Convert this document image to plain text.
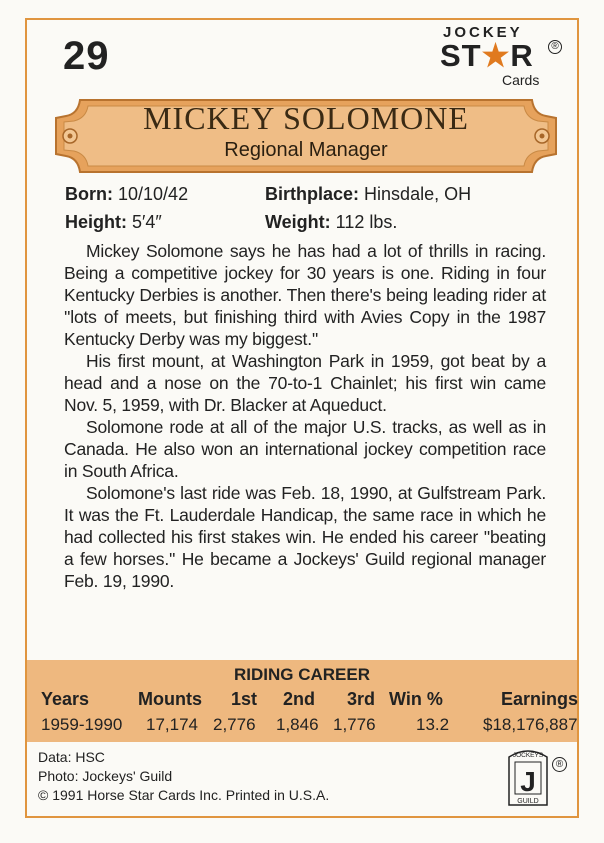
29
JOCKEY
ST★R	®
Cards
MICKEY SOLOMONE
Regional Manager
Born: 10/10/42	Birthplace: Hinsdale, OH
Height: 5′4″	Weight: 112 lbs.

Mickey Solomone says he has had a lot of thrills in racing. Being a competitive jockey for 30 years is one. Riding in four Kentucky Derbies is another. Then there's being leading rider at ''lots of meets, but finishing third with Avies Copy in the 1987 Kentucky Derby was my biggest.''

His first mount, at Washington Park in 1959, got beat by a head and a nose on the 70-to-1 Chainlet; his first win came Nov. 5, 1959, with Dr. Blacker at Aqueduct.

Solomone rode at all of the major U.S. tracks, as well as in Canada. He also won an international jockey competition race in South Africa.

Solomone's last ride was Feb. 18, 1990, at Gulfstream Park. It was the Ft. Lauderdale Handicap, the same race in which he had collected his first stakes win. He ended his career ''beating a few horses.'' He became a Jockeys' Guild regional manager Feb. 19, 1990.

RIDING CAREER
Years	Mounts 1st 2nd 3rd Win %	Earnings
1959-1990 17,174 2,776 1,846 1,776 13.2 $18,176,887
Data: HSC
Photo: Jockeys' Guild
© 1991 Horse Star Cards Inc. Printed in U.S.A.
JOCKEYS
J
GUILD
®
